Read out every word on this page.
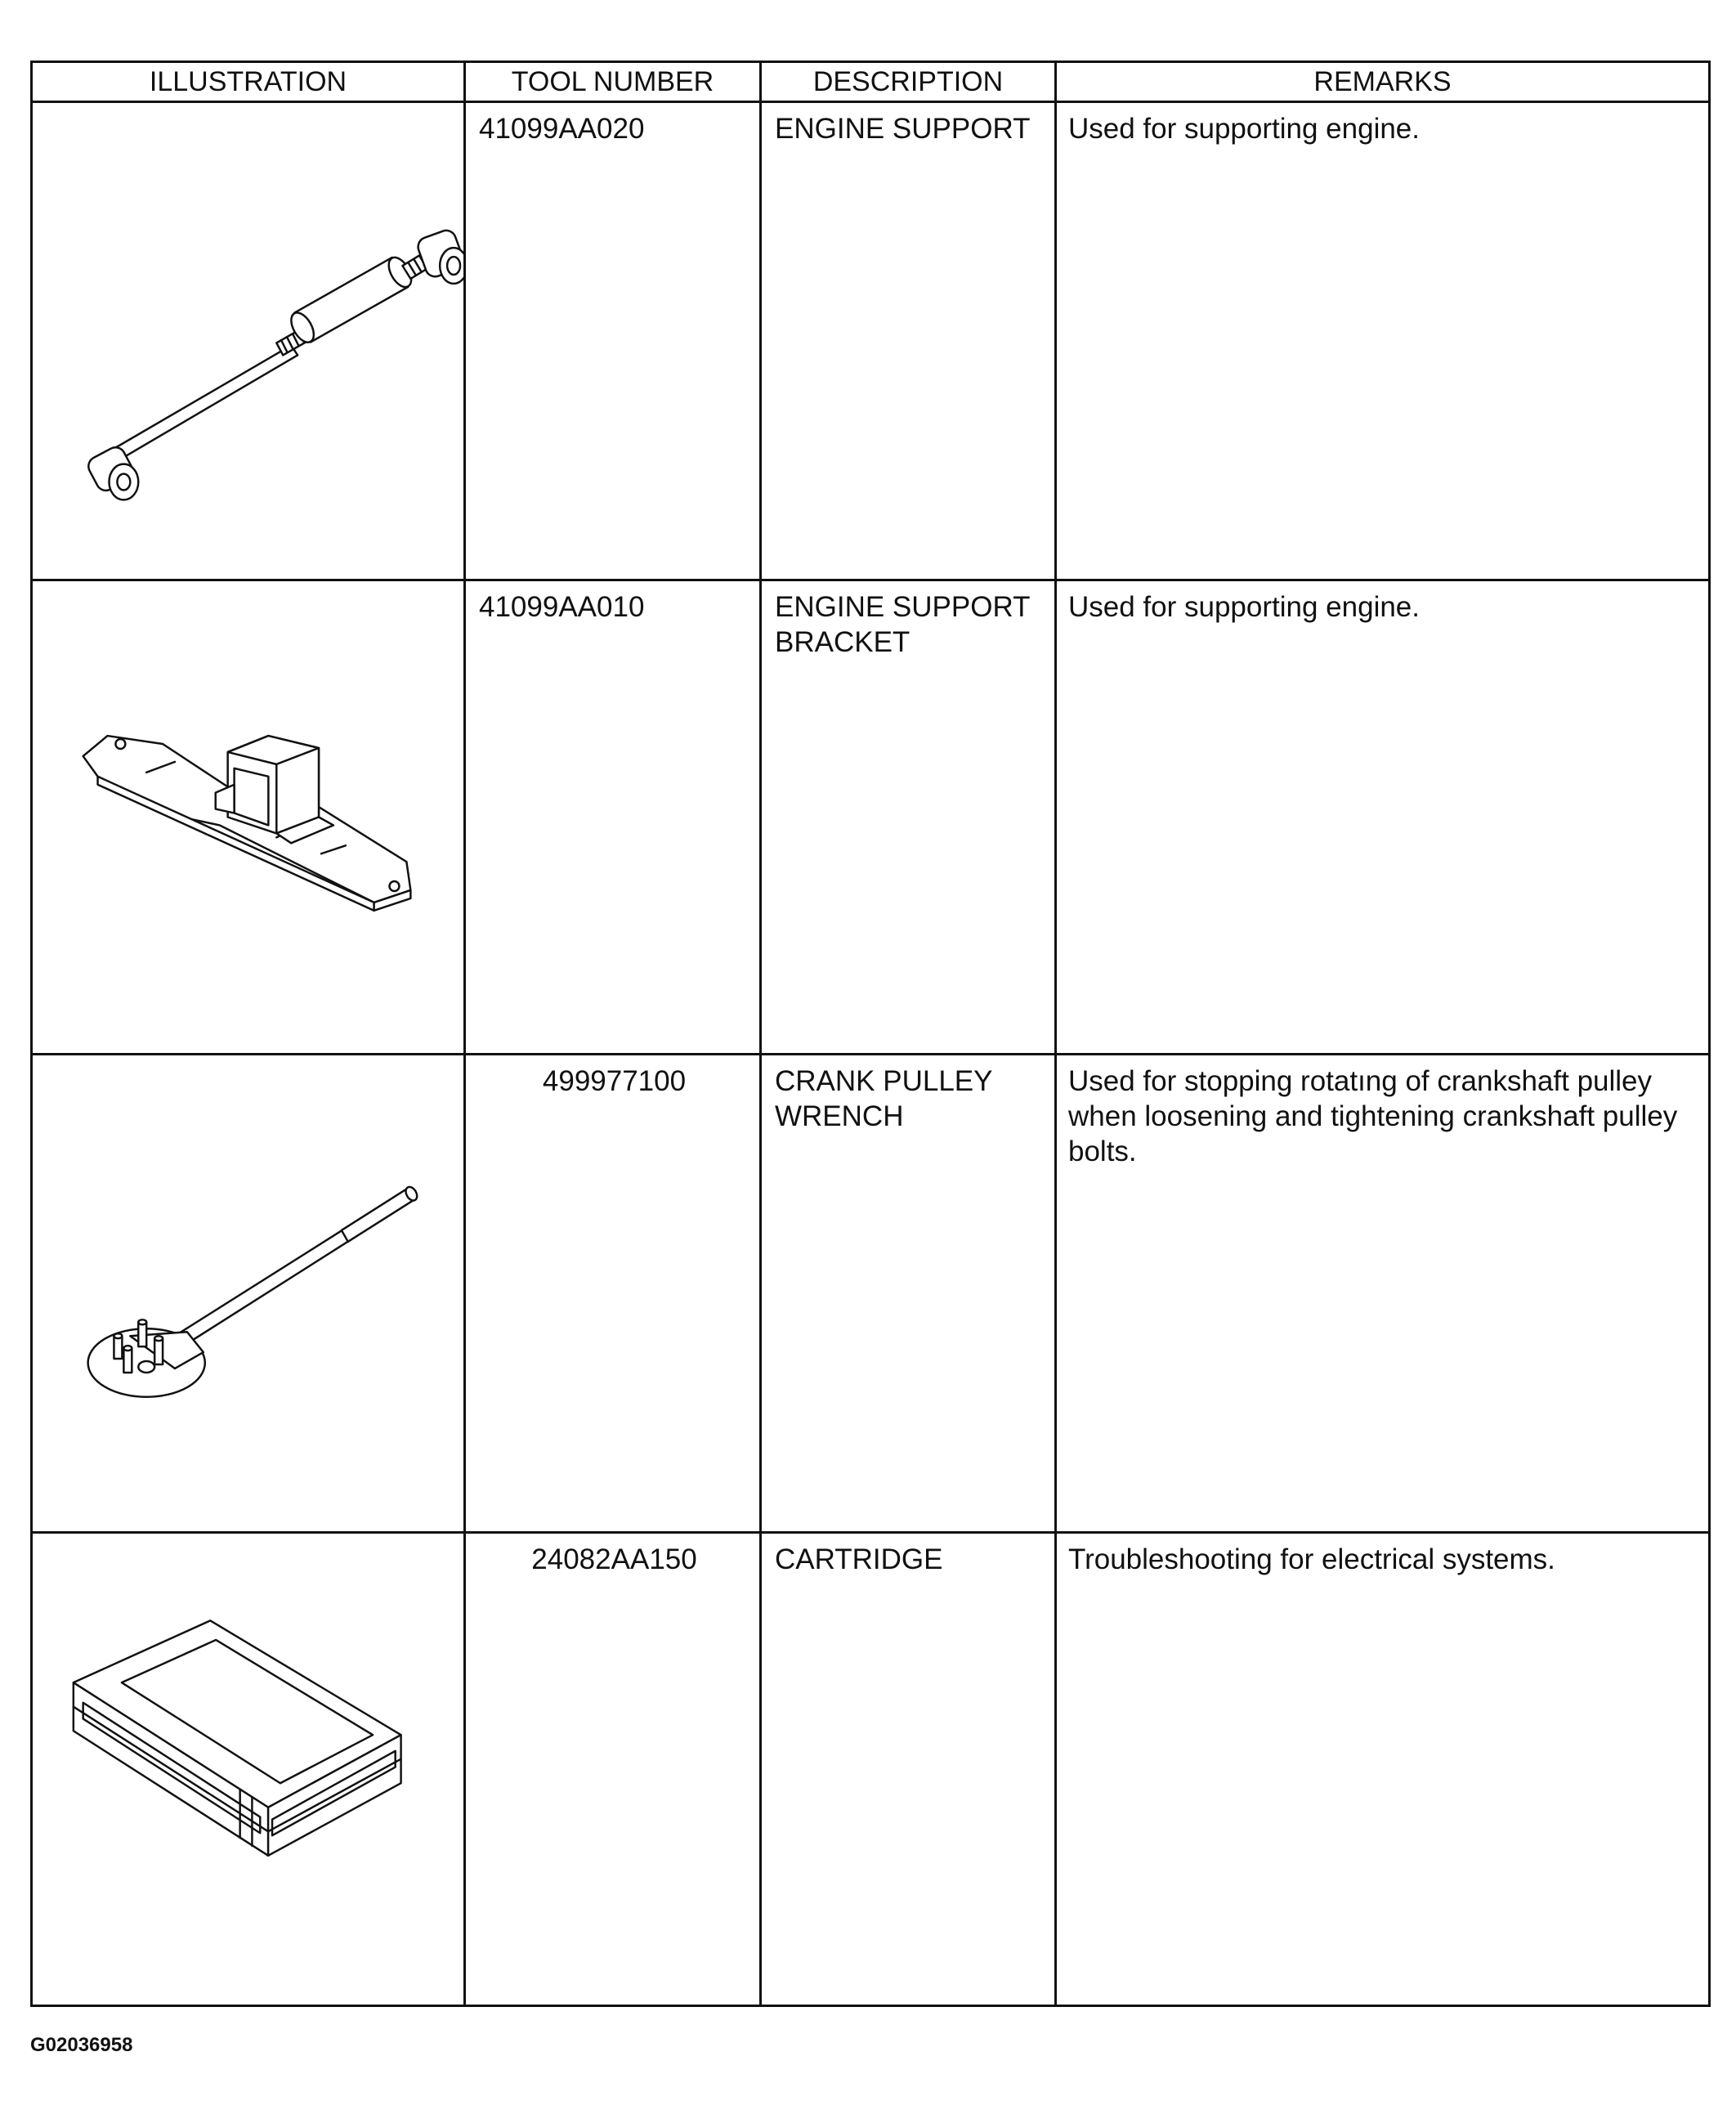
ILLUSTRATION	TOOL NUMBER	DESCRIPTION	REMARKS

	41099AA020	ENGINE SUPPORT	Used for supporting engine.

	41099AA010	ENGINE SUPPORT BRACKET	Used for supporting engine.

	499977100	CRANK PULLEY WRENCH	Used for stopping rotatıng of crankshaft pulley when loosening and tightening crankshaft pulley bolts.

	24082AA150	CARTRIDGE	Troubleshooting for electrical systems.
G02036958
